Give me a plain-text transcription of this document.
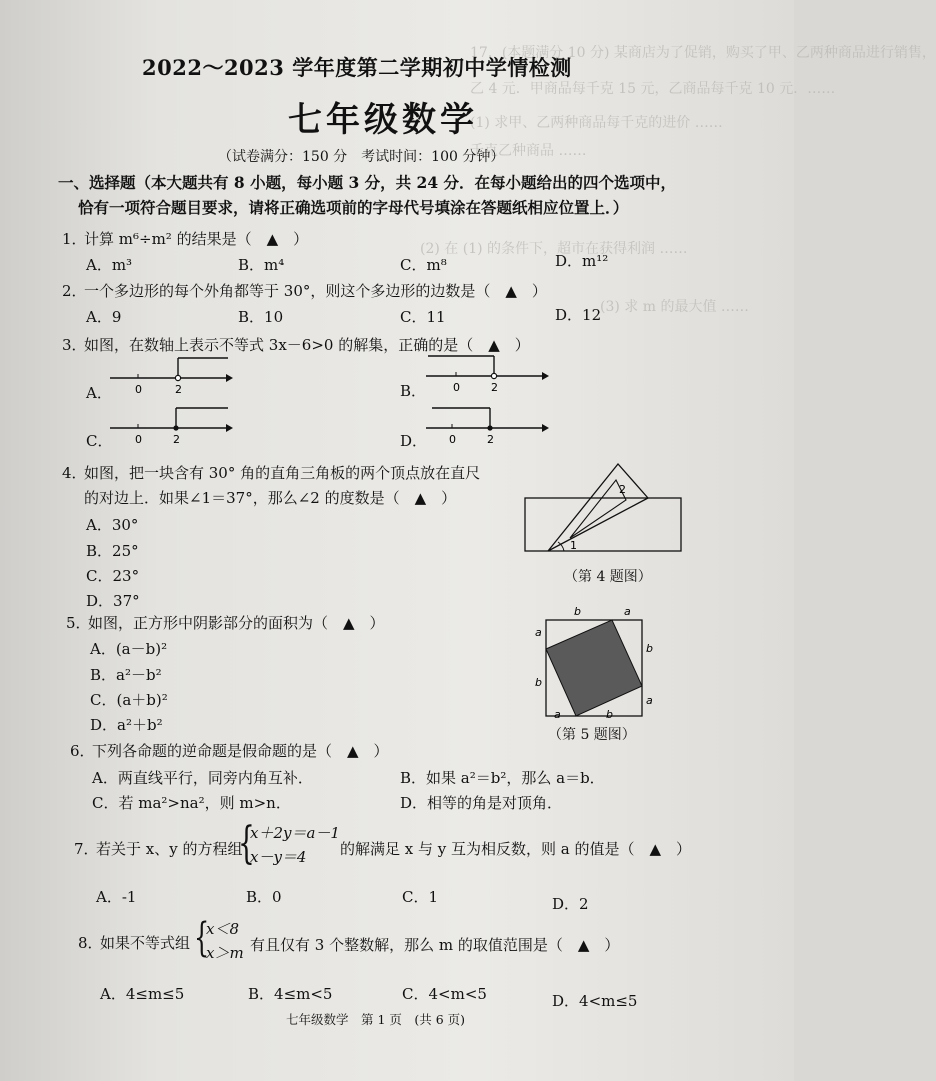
17．(本题满分 10 分) 某商店为了促销，购买了甲、乙两种商品进行销售，
乙 4 元．甲商品每千克 15 元，乙商品每千克 10 元．……
(1) 求甲、乙两种商品每千克的进价 ……
千克乙种商品 ……
(2) 在 (1) 的条件下，超市在获得利润 ……
(3) 求 m 的最大值 ……
2022～2023 学年度第二学期初中学情检测
七年级数学
（试卷满分：150 分　考试时间：100 分钟）
一、选择题（本大题共有 8 小题，每小题 3 分，共 24 分．在每小题给出的四个选项中，
恰有一项符合题目要求，请将正确选项前的字母代号填涂在答题纸相应位置上．）
1．
计算 m⁶÷m² 的结果是（　▲　）
A．m³	B．m⁴	C．m⁸	D．m¹²
2．
一个多边形的每个外角都等于 30°，则这个多边形的边数是（　▲　）
A．9	B．10	C．11	D．12
3．
如图，在数轴上表示不等式 3x－6>0 的解集，正确的是（　▲　）
A． 0	2	B． 0	2
C． 0	2	D． 0	2
4．
如图，把一块含有 30° 角的直角三角板的两个顶点放在直尺
的对边上．如果∠1＝37°，那么∠2 的度数是（　▲　）
A．30°
B．25°
C．23°
D．37°
1
2
（第 4 题图）
5．
如图，正方形中阴影部分的面积为（　▲　）
A．(a－b)²
B．a²－b²
C．(a＋b)²
D．a²＋b²
b	a
a
b
b
a
a	b
（第 5 题图）
6．
下列各命题的逆命题是假命题的是（　▲　）
A．两直线平行，同旁内角互补．	B．如果 a²＝b²，那么 a＝b．
C．若 ma²>na²，则 m>n．	D．相等的角是对顶角．
7．
若关于 x、y 的方程组
{
x＋2y＝a－1
x－y＝4 的解满足 x 与 y 互为相反数，则 a 的值是（　▲　）
A．-1	B．0	C．1	D．2
8．
如果不等式组 {
x＜8
x＞m 有且仅有 3 个整数解，那么 m 的取值范围是（　▲　）
A．4≤m≤5	B．4≤m<5	C．4<m<5	D．4<m≤5
七年级数学　第 1 页　(共 6 页)
